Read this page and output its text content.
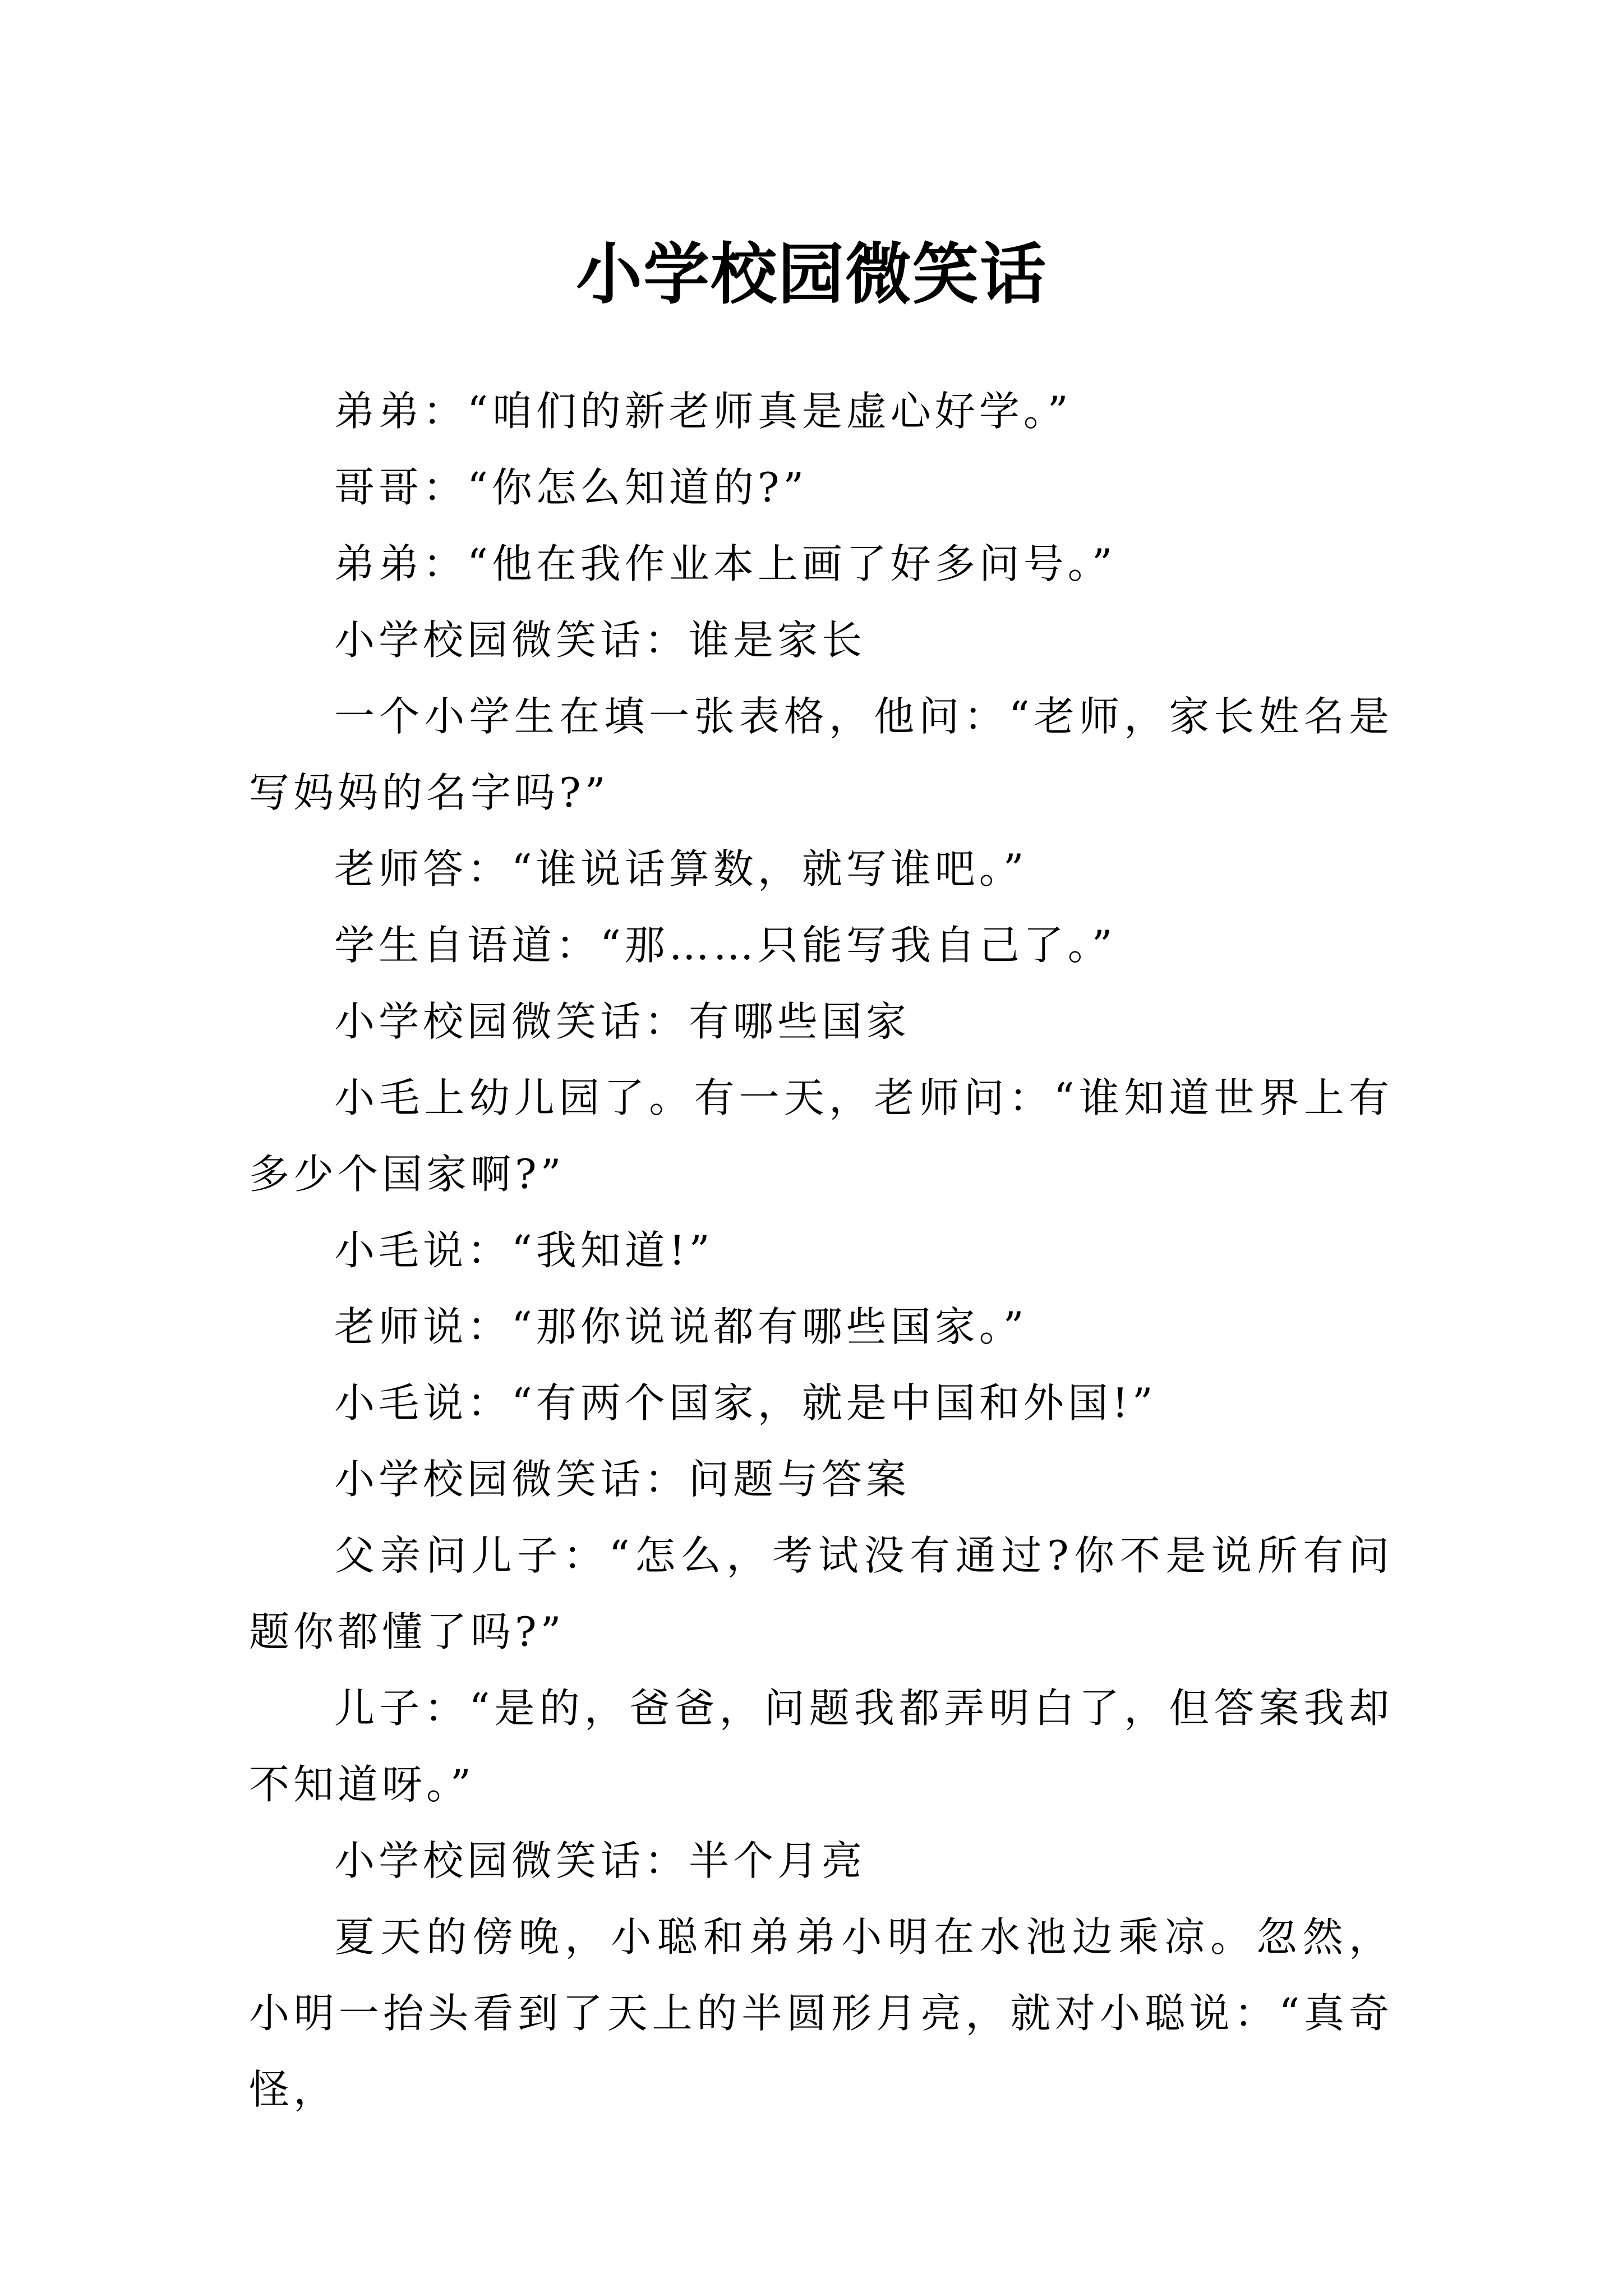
小学校园微笑话

弟弟：“咱们的新老师真是虚心好学。”

哥哥：“你怎么知道的?”

弟弟：“他在我作业本上画了好多问号。”

小学校园微笑话：谁是家长

一个小学生在填一张表格，他问：“老师，家长姓名是写妈妈的名字吗?”

老师答：“谁说话算数，就写谁吧。”

学生自语道：“那……只能写我自己了。”

小学校园微笑话：有哪些国家

小毛上幼儿园了。有一天，老师问：“谁知道世界上有多少个国家啊?”

小毛说：“我知道!”

老师说：“那你说说都有哪些国家。”

小毛说：“有两个国家，就是中国和外国!”

小学校园微笑话：问题与答案

父亲问儿子：“怎么，考试没有通过?你不是说所有问题你都懂了吗?”

儿子：“是的，爸爸，问题我都弄明白了，但答案我却不知道呀。”

小学校园微笑话：半个月亮

夏天的傍晚，小聪和弟弟小明在水池边乘凉。忽然，小明一抬头看到了天上的半圆形月亮，就对小聪说：“真奇怪，
